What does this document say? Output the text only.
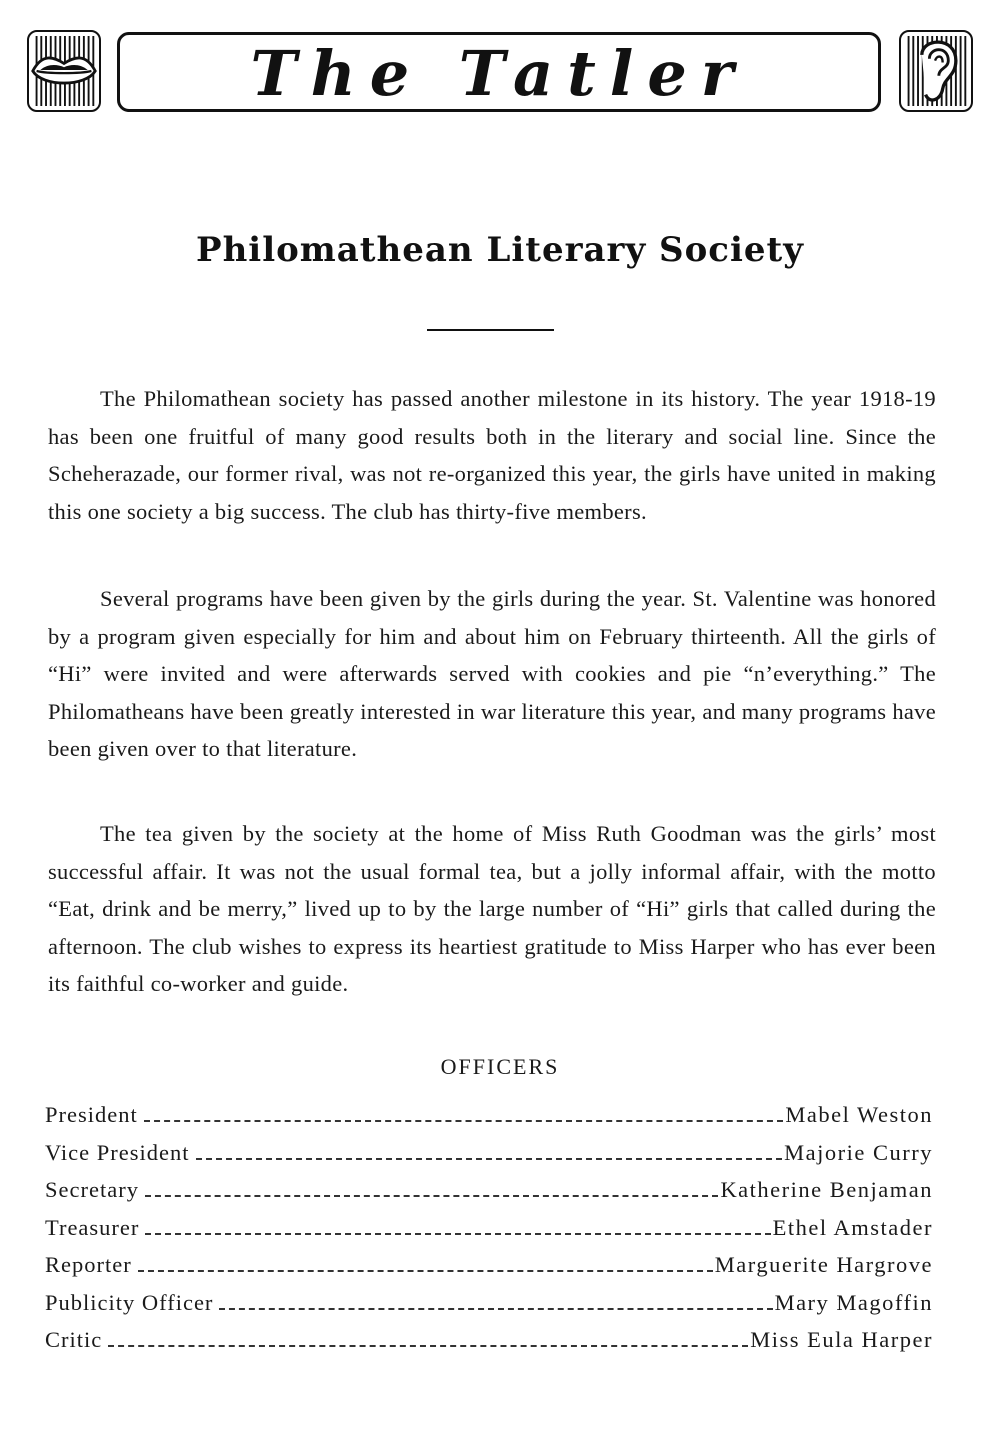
The Tatler
Philomathean Literary Society

The Philomathean society has passed another milestone in its history. The year 1918-19 has been one fruitful of many good results both in the literary and social line. Since the Scheherazade, our former rival, was not re-organized this year, the girls have united in making this one society a big success. The club has thirty-five members.

Several programs have been given by the girls during the year. St. Valentine was honored by a program given especially for him and about him on February thirteenth. All the girls of “Hi” were invited and were afterwards served with cookies and pie “n’everything.” The Philomatheans have been greatly interested in war literature this year, and many programs have been given over to that literature.

The tea given by the society at the home of Miss Ruth Goodman was the girls’ most successful affair. It was not the usual formal tea, but a jolly informal affair, with the motto “Eat, drink and be merry,” lived up to by the large number of “Hi” girls that called during the afternoon. The club wishes to express its heartiest gratitude to Miss Harper who has ever been its faithful co-worker and guide.

OFFICERS
President	Mabel Weston
Vice President	Majorie Curry
Secretary	Katherine Benjaman
Treasurer	Ethel Amstader
Reporter	Marguerite Hargrove
Publicity Officer	Mary Magoffin
Critic	Miss Eula Harper
